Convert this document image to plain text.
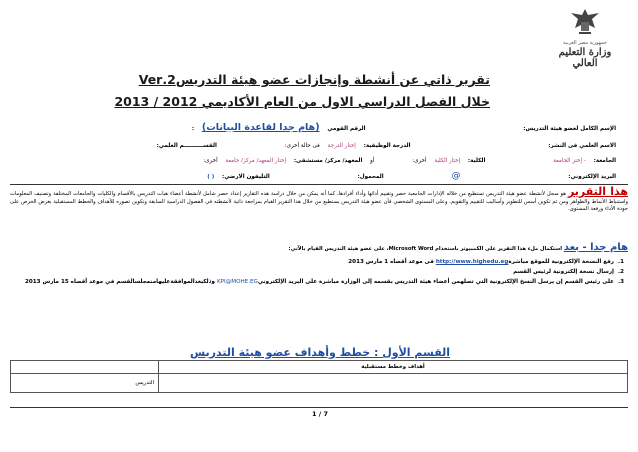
جمهورية مصر العربية
وزارة التعليم العالي
تقرير ذاتي عن أنشطة وإنجازات عضو هيئة التدريس2.Ver
خلال الفصل الدراسي الاول من العام الأكاديمي 2012 / 2013
الإسم الكامل لعضو هيئة التدريس: الرقم القومي (هام جدا لقاعدة البيانات) :
الاسم العلمي فى النشر: الدرجة الوظيفية: إختار الدرجة فى حالة أخرى: القســــــــــم العلمي:
الجامعة: - إختر الجامعة الكلية: إختار الكلية أخرى: أو المعهد/ مركز/ مستشفى: إختار المعهد/ مركز/ جامعة أخرى:
البريد الإلكتروني: @ المحمول: التليفون الارضي: ( )
هذا التقرير هو سجل لأنشطة عضو هيئة التدريس تستطيع من خلاله الإدارات الجامعية حصر وتقييم أدائها وأداء أفرادها، كما أنه يمكن من خلال دراسة هذه التقارير إعداد حصر شامل لأنشطة أعضاء هيات التدريس بالأقسام والكليات والجامعات المختلفة وتصنيف المعلومات واستنباط الأنماط والظواهر ومن ثم تكوين أسس للتطوير وأساليب للتقييم والتقويم. وعلى المستوى الشخصي فأن عضو هيئة التدريس يستطيع من خلال هذا التقرير القيام بمراجعة ذاتية لأنشطته في الفصول الدراسية السابقة وتكوين تصوره للأهداف والخطط المستقبلية بغرض الحرص على جودة الأداء ورفعة المستوى.
هام جدا - بعد استكمال ملء هذا التقرير على الكمبيوتر باستخدام Microsoft Word، على عضو هيئة التدريس القيام بالآتي:
1.رفع النسخة الإلكترونية للموقع مباشرةhttp://www.highedu.eg فى موعد أقصاه 1 مارس 2013
2.إرسال نسخة إلكترونية لرئيس القسم
3.على رئيس القسم إن يرسل النسخ الإلكترونية التي تصلهمن أعضاء هيئة التدريس بقسمه إلى الوزارة مباشرة على البريد الإلكترونيKPI@MOHE.EG وذلكبعدالموافقةعليهامنمجلسالقسم في موعد أقصاه 15 مارس 2013
القسم الأول : خطط وأهداف عضو هيئة التدريس
أهداف وخطط مستقبلية	
	التدريس
1 / 7
